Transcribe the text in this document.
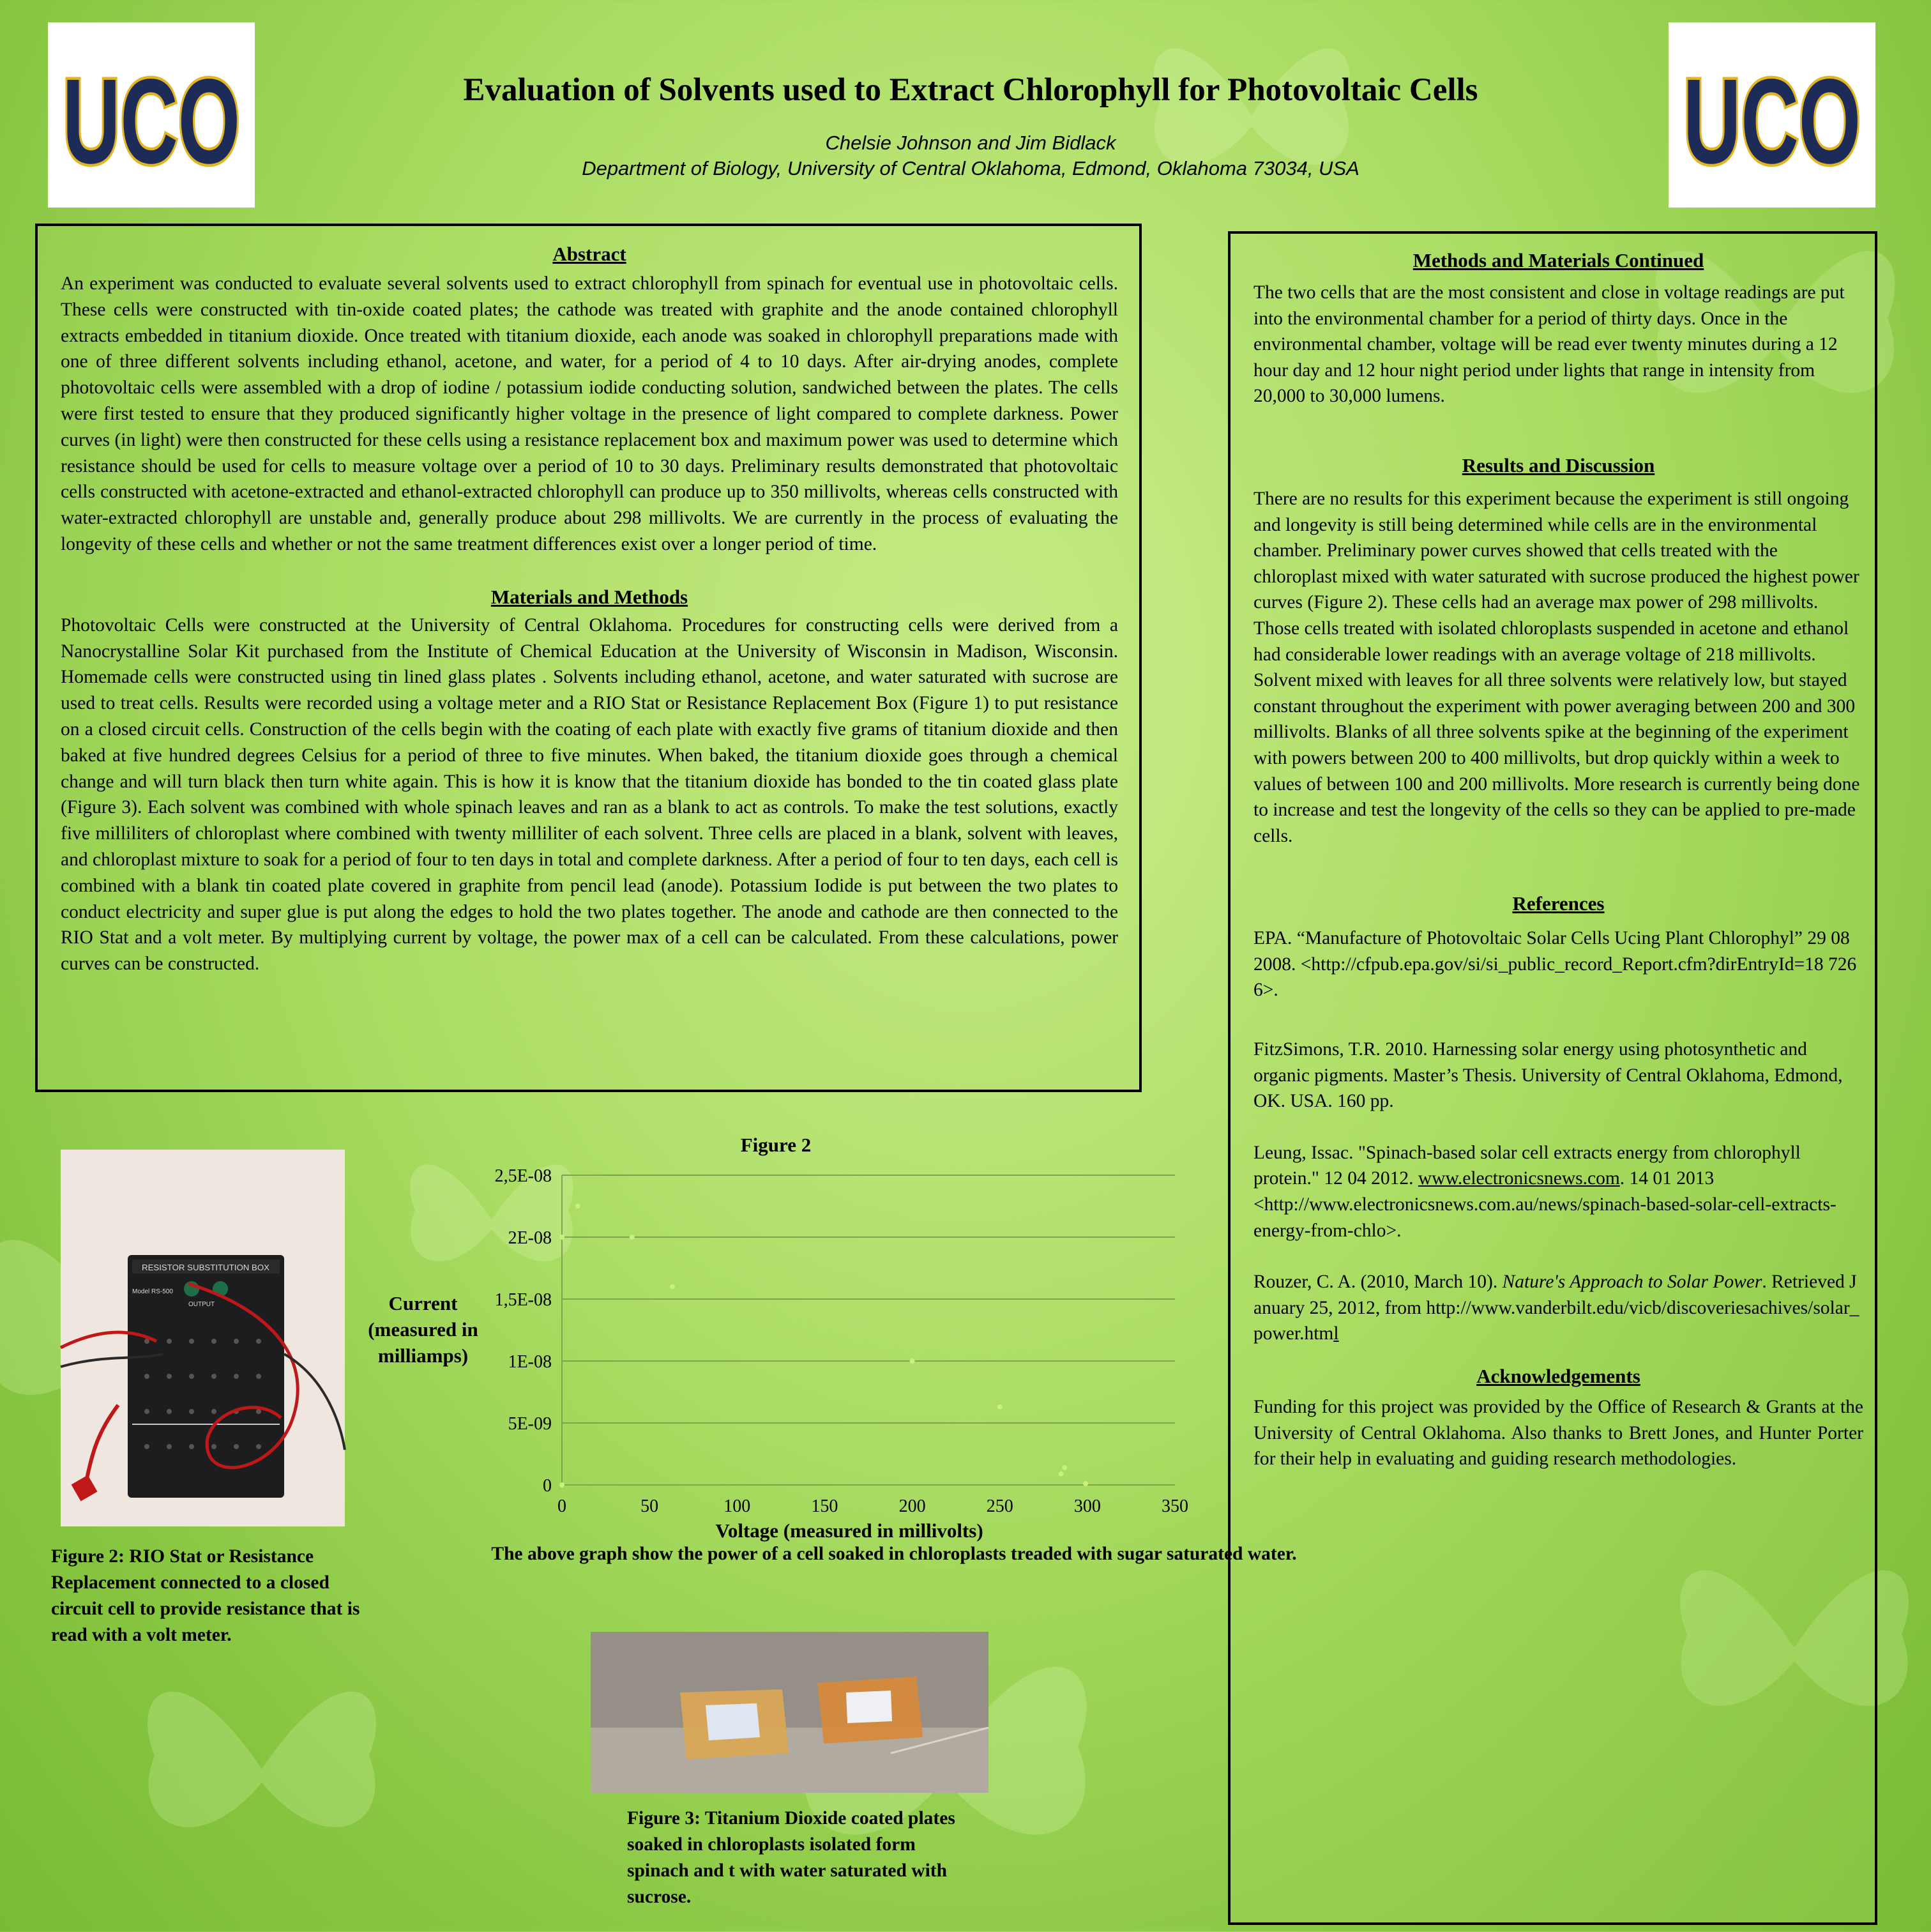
UCO	UCO
Evaluation of Solvents used to Extract Chlorophyll for Photovoltaic Cells
Chelsie Johnson and Jim Bidlack
Department of Biology, University of Central Oklahoma, Edmond, Oklahoma 73034, USA

Abstract

An experiment was conducted to evaluate several solvents used to extract chlorophyll from spinach for eventual use in photovoltaic cells. These cells were constructed with tin-oxide coated plates; the cathode was treated with graphite and the anode contained chlorophyll extracts embedded in titanium dioxide. Once treated with titanium dioxide, each anode was soaked in chlorophyll preparations made with one of three different solvents including ethanol, acetone, and water, for a period of 4 to 10 days. After air-drying anodes, complete photovoltaic cells were assembled with a drop of iodine / potassium iodide conducting solution, sandwiched between the plates. The cells were first tested to ensure that they produced significantly higher voltage in the presence of light compared to complete darkness. Power curves (in light) were then constructed for these cells using a resistance replacement box and maximum power was used to determine which resistance should be used for cells to measure voltage over a period of 10 to 30 days. Preliminary results demonstrated that photovoltaic cells constructed with acetone-extracted and ethanol-extracted chlorophyll can produce up to 350 millivolts, whereas cells constructed with water-extracted chlorophyll are unstable and, generally produce about 298 millivolts. We are currently in the process of evaluating the longevity of these cells and whether or not the same treatment differences exist over a longer period of time.

Materials and Methods

Photovoltaic Cells were constructed at the University of Central Oklahoma. Procedures for constructing cells were derived from a Nanocrystalline Solar Kit purchased from the Institute of Chemical Education at the University of Wisconsin in Madison, Wisconsin. Homemade cells were constructed using tin lined glass plates . Solvents including ethanol, acetone, and water saturated with sucrose are used to treat cells. Results were recorded using a voltage meter and a RIO Stat or Resistance Replacement Box (Figure 1) to put resistance on a closed circuit cells. Construction of the cells begin with the coating of each plate with exactly five grams of titanium dioxide and then baked at five hundred degrees Celsius for a period of three to five minutes. When baked, the titanium dioxide goes through a chemical change and will turn black then turn white again. This is how it is know that the titanium dioxide has bonded to the tin coated glass plate (Figure 3). Each solvent was combined with whole spinach leaves and ran as a blank to act as controls. To make the test solutions, exactly five milliliters of chloroplast where combined with twenty milliliter of each solvent. Three cells are placed in a blank, solvent with leaves, and chloroplast mixture to soak for a period of four to ten days in total and complete darkness. After a period of four to ten days, each cell is combined with a blank tin coated plate covered in graphite from pencil lead (anode). Potassium Iodide is put between the two plates to conduct electricity and super glue is put along the edges to hold the two plates together. The anode and cathode are then connected to the RIO Stat and a volt meter. By multiplying current by voltage, the power max of a cell can be calculated. From these calculations, power curves can be constructed.

Methods and Materials Continued

The two cells that are the most consistent and close in voltage readings are put into the environmental chamber for a period of thirty days. Once in the environmental chamber, voltage will be read ever twenty minutes during a 12 hour day and 12 hour night period under lights that range in intensity from 20,000 to 30,000 lumens.

Results and Discussion

There are no results for this experiment because the experiment is still ongoing and longevity is still being determined while cells are in the environmental chamber. Preliminary power curves showed that cells treated with the chloroplast mixed with water saturated with sucrose produced the highest power curves (Figure 2). These cells had an average max power of 298 millivolts. Those cells treated with isolated chloroplasts suspended in acetone and ethanol had considerable lower readings with an average voltage of 218 millivolts. Solvent mixed with leaves for all three solvents were relatively low, but stayed constant throughout the experiment with power averaging between 200 and 300 millivolts. Blanks of all three solvents spike at the beginning of the experiment with powers between 200 to 400 millivolts, but drop quickly within a week to values of between 100 and 200 millivolts. More research is currently being done to increase and test the longevity of the cells so they can be applied to pre-made cells.

References

EPA. “Manufacture of Photovoltaic Solar Cells Ucing Plant Chlorophyl” 29 08 2008. <http://cfpub.epa.gov/si/si_public_record_Report.cfm?dirEntryId=18 7266>.

FitzSimons, T.R. 2010. Harnessing solar energy using photosynthetic and organic pigments. Master’s Thesis. University of Central Oklahoma, Edmond, OK. USA. 160 pp.

Leung, Issac. "Spinach-based solar cell extracts energy from chlorophyll protein." 12 04 2012. www.electronicsnews.com. 14 01 2013 <http://www.electronicsnews.com.au/news/spinach-based-solar-cell-extracts-energy-from-chlo>.

Rouzer, C. A. (2010, March 10). Nature's Approach to Solar Power. Retrieved January 25, 2012, from http://www.vanderbilt.edu/vicb/discoveriesachives/solar_power.html

Acknowledgements

Funding for this project was provided by the Office of Research & Grants at the University of Central Oklahoma. Also thanks to Brett Jones, and Hunter Porter for their help in evaluating and guiding research methodologies.

RESISTOR SUBSTITUTION BOX
Model RS-500
OUTPUT
Figure 2: RIO Stat or Resistance Replacement connected to a closed circuit cell to provide resistance that is read with a volt meter.
Figure 2
Current
(measured in
milliamps)
0
5E-09
1E-08
1,5E-08
2E-08
2,5E-08
0	50	100	150	200	250	300	350
Voltage (measured in millivolts)
The above graph show the power of a cell soaked in chloroplasts treaded with sugar saturated water.
Figure 3: Titanium Dioxide coated plates soaked in chloroplasts isolated form spinach and t with water saturated with sucrose.
